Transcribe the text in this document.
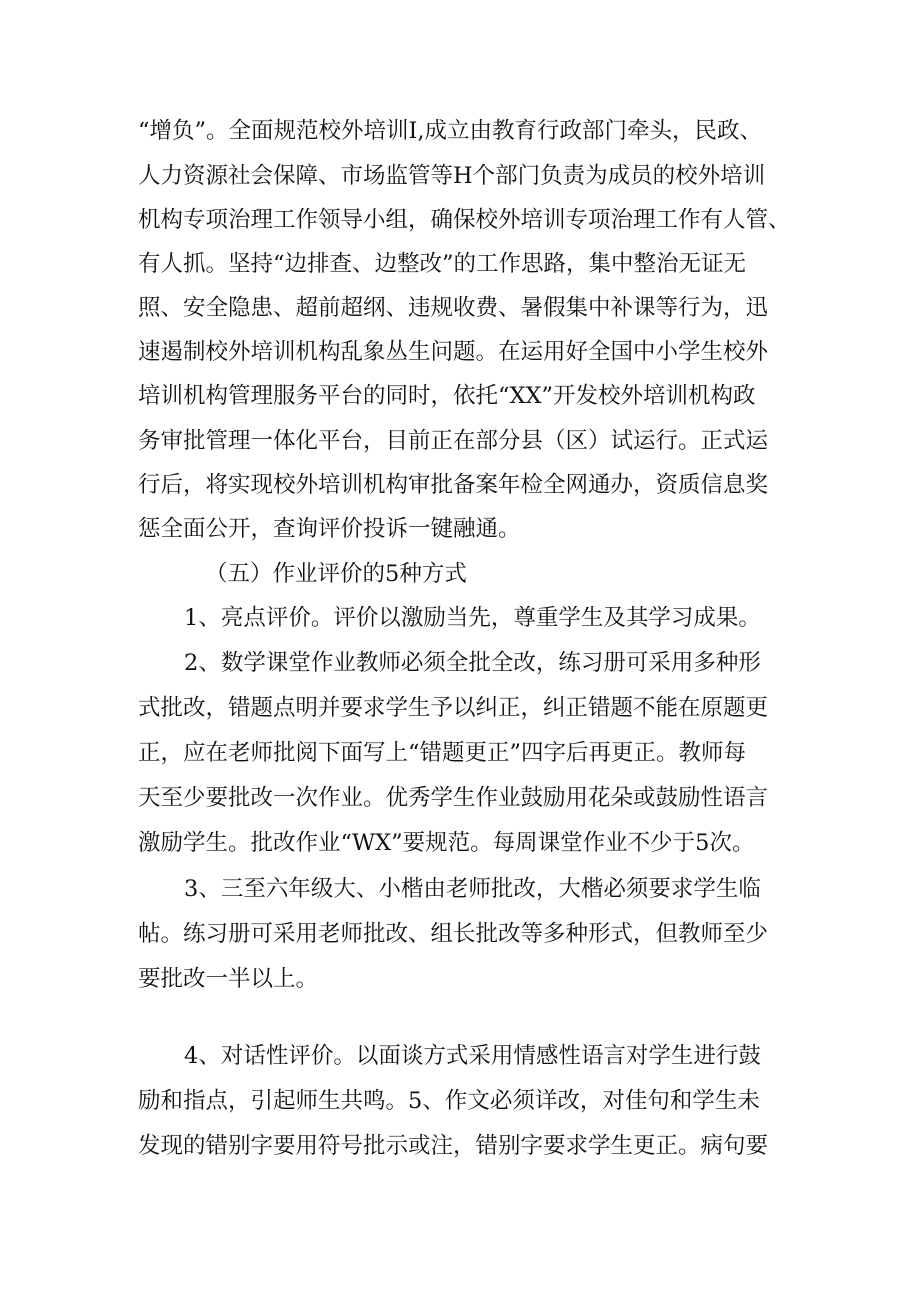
“增负”。全面规范校外培训I,成立由教育行政部门牵头，民政、
人力资源社会保障、市场监管等H个部门负责为成员的校外培训
机构专项治理工作领导小组，确保校外培训专项治理工作有人管、
有人抓。坚持“边排查、边整改”的工作思路，集中整治无证无
照、安全隐患、超前超纲、违规收费、暑假集中补课等行为，迅
速遏制校外培训机构乱象丛生问题。在运用好全国中小学生校外
培训机构管理服务平台的同时，依托“XX”开发校外培训机构政
务审批管理一体化平台，目前正在部分县（区）试运行。正式运
行后，将实现校外培训机构审批备案年检全网通办，资质信息奖
惩全面公开，查询评价投诉一键融通。
（五）作业评价的5种方式
1、亮点评价。评价以激励当先，尊重学生及其学习成果。
2、数学课堂作业教师必须全批全改，练习册可采用多种形
式批改，错题点明并要求学生予以纠正，纠正错题不能在原题更
正，应在老师批阅下面写上“错题更正”四字后再更正。教师每
天至少要批改一次作业。优秀学生作业鼓励用花朵或鼓励性语言
激励学生。批改作业“WX”要规范。每周课堂作业不少于5次。
3、三至六年级大、小楷由老师批改，大楷必须要求学生临
帖。练习册可采用老师批改、组长批改等多种形式，但教师至少
要批改一半以上。
4、对话性评价。以面谈方式采用情感性语言对学生进行鼓
励和指点，引起师生共鸣。5、作文必须详改，对佳句和学生未
发现的错别字要用符号批示或注，错别字要求学生更正。病句要
